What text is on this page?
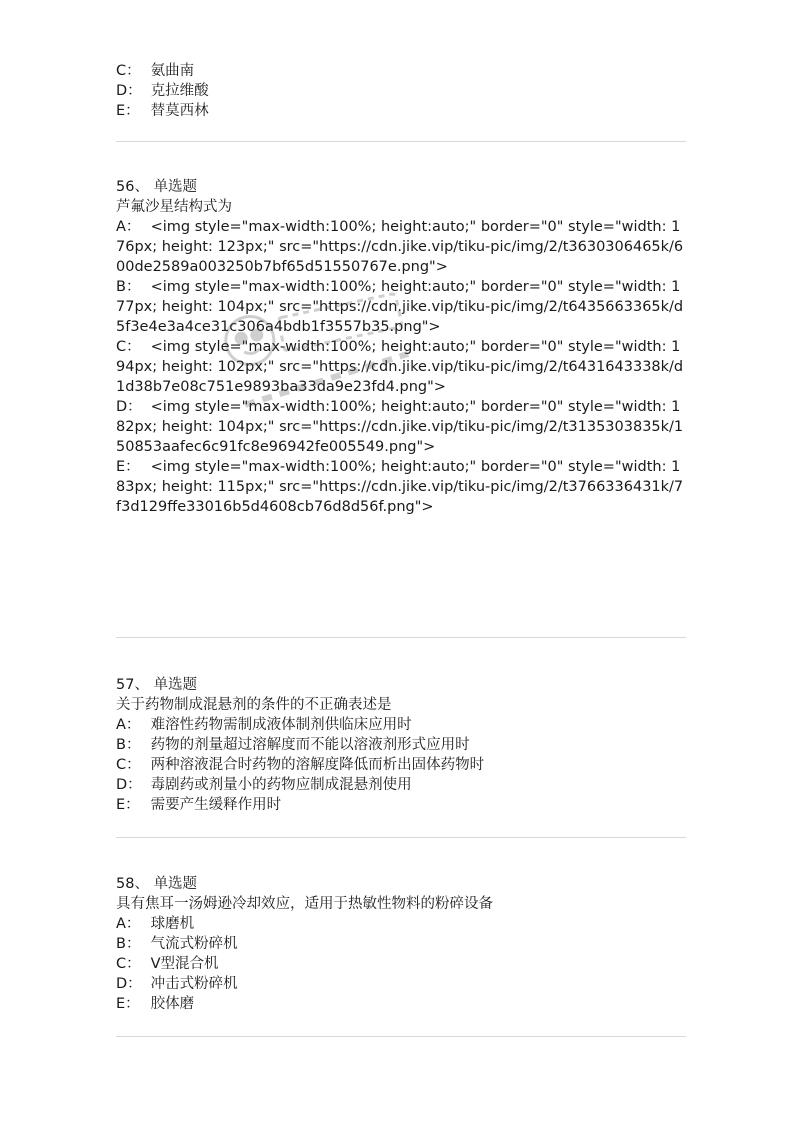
C： 氨曲南
D： 克拉维酸
E： 替莫西林
56、 单选题
芦氟沙星结构式为
A： <img style="max-width:100%; height:auto;" border="0" style="width: 176px; height: 123px;" src="https://cdn.jike.vip/tiku-pic/img/2/t3630306465k/600de2589a003250b7bf65d51550767e.png">
B： <img style="max-width:100%; height:auto;" border="0" style="width: 177px; height: 104px;" src="https://cdn.jike.vip/tiku-pic/img/2/t6435663365k/d5f3e4e3a4ce31c306a4bdb1f3557b35.png">
C： <img style="max-width:100%; height:auto;" border="0" style="width: 194px; height: 102px;" src="https://cdn.jike.vip/tiku-pic/img/2/t6431643338k/d1d38b7e08c751e9893ba33da9e23fd4.png">
D： <img style="max-width:100%; height:auto;" border="0" style="width: 182px; height: 104px;" src="https://cdn.jike.vip/tiku-pic/img/2/t3135303835k/150853aafec6c91fc8e96942fe005549.png">
E： <img style="max-width:100%; height:auto;" border="0" style="width: 183px; height: 115px;" src="https://cdn.jike.vip/tiku-pic/img/2/t3766336431k/7f3d129ffe33016b5d4608cb76d8d56f.png">
57、 单选题
关于药物制成混悬剂的条件的不正确表述是
A： 难溶性药物需制成液体制剂供临床应用时
B： 药物的剂量超过溶解度而不能以溶液剂形式应用时
C： 两种溶液混合时药物的溶解度降低而析出固体药物时
D： 毒剧药或剂量小的药物应制成混悬剂使用
E： 需要产生缓释作用时
58、 单选题
具有焦耳一汤姆逊冷却效应，适用于热敏性物料的粉碎设备
A： 球磨机
B： 气流式粉碎机
C： V型混合机
D： 冲击式粉碎机
E： 胶体磨
